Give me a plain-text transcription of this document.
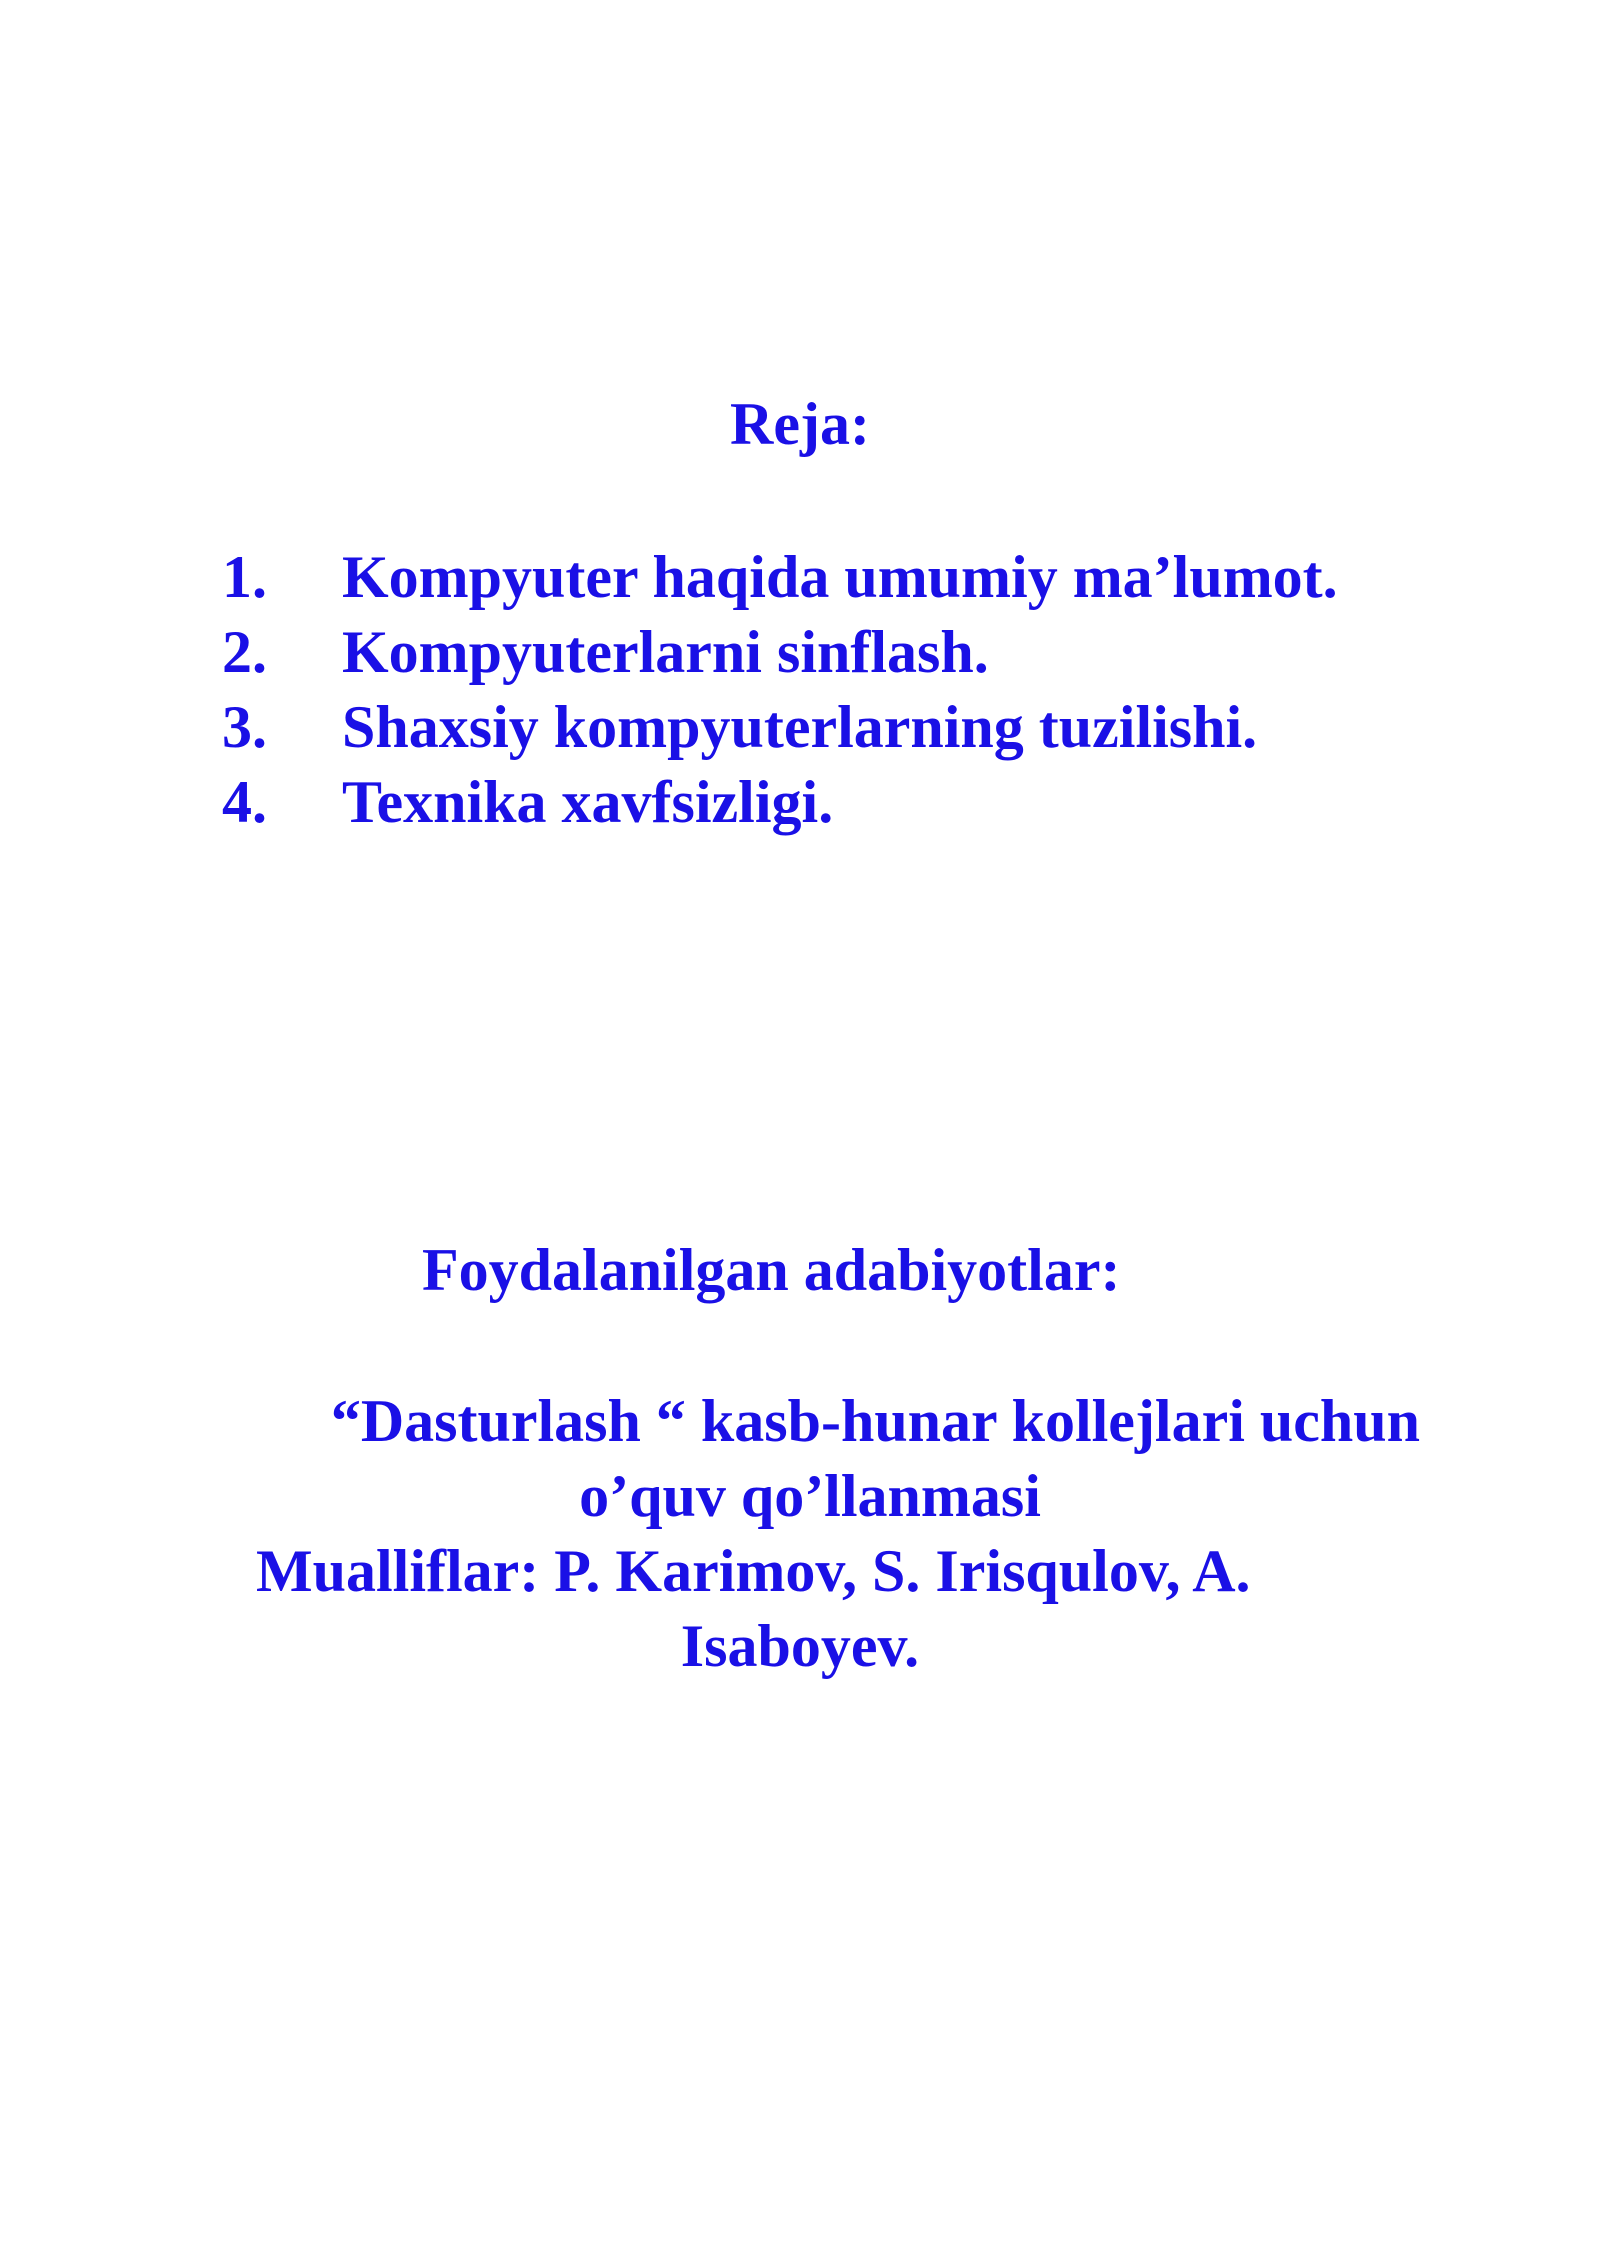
Reja:
1.	Kompyuter haqida umumiy ma’lumot.
2.	Kompyuterlarni sinflash.
3.	Shaxsiy kompyuterlarning tuzilishi.
4.	Texnika xavfsizligi.
Foydalanilgan adabiyotlar:
“Dasturlash “ kasb-hunar kollejlari uchun
o’quv qo’llanmasi
Mualliflar: P. Karimov, S. Irisqulov, A.
Isaboyev.
